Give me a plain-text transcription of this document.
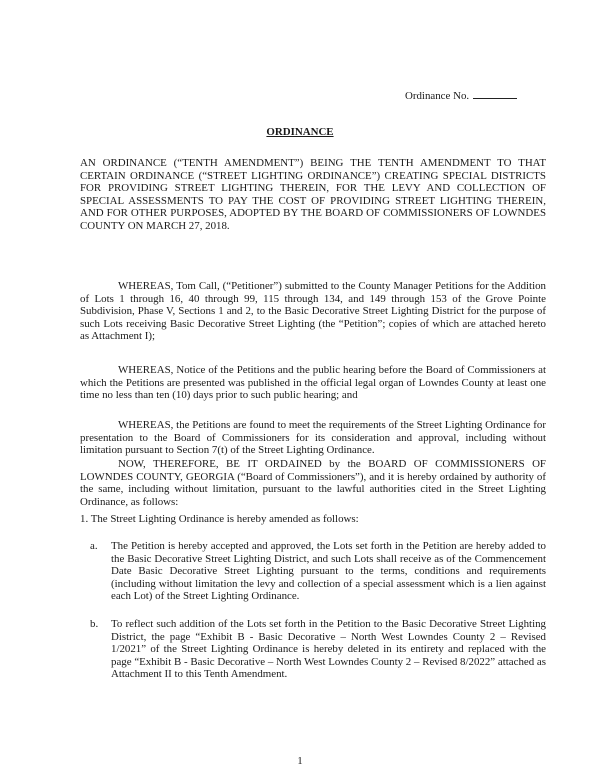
Ordinance No.
ORDINANCE
AN ORDINANCE (“TENTH AMENDMENT”) BEING THE TENTH AMENDMENT TO THAT CERTAIN ORDINANCE (“STREET LIGHTING ORDINANCE”) CREATING SPECIAL DISTRICTS FOR PROVIDING STREET LIGHTING THEREIN, FOR THE LEVY AND COLLECTION OF SPECIAL ASSESSMENTS TO PAY THE COST OF PROVIDING STREET LIGHTING THEREIN, AND FOR OTHER PURPOSES, ADOPTED BY THE BOARD OF COMMISSIONERS OF LOWNDES COUNTY ON MARCH 27, 2018.
WHEREAS, Tom Call, (“Petitioner”) submitted to the County Manager Petitions for the Addition of Lots 1 through 16, 40 through 99, 115 through 134, and 149 through 153 of the Grove Pointe Subdivision, Phase V, Sections 1 and 2, to the Basic Decorative Street Lighting District for the purpose of such Lots receiving Basic Decorative Street Lighting (the “Petition”; copies of which are attached hereto as Attachment I);
WHEREAS, Notice of the Petitions and the public hearing before the Board of Commissioners at which the Petitions are presented was published in the official legal organ of Lowndes County at least one time no less than ten (10) days prior to such public hearing; and
WHEREAS, the Petitions are found to meet the requirements of the Street Lighting Ordinance for presentation to the Board of Commissioners for its consideration and approval, including without limitation pursuant to Section 7(t) of the Street Lighting Ordinance.
NOW, THEREFORE, BE IT ORDAINED by the BOARD OF COMMISSIONERS OF LOWNDES COUNTY, GEORGIA (“Board of Commissioners”), and it is hereby ordained by authority of the same, including without limitation, pursuant to the lawful authorities cited in the Street Lighting Ordinance, as follows:
1. The Street Lighting Ordinance is hereby amended as follows:
a. The Petition is hereby accepted and approved, the Lots set forth in the Petition are hereby added to the Basic Decorative Street Lighting District, and such Lots shall receive as of the Commencement Date Basic Decorative Street Lighting pursuant to the terms, conditions and requirements (including without limitation the levy and collection of a special assessment which is a lien against each Lot) of the Street Lighting Ordinance.
b. To reflect such addition of the Lots set forth in the Petition to the Basic Decorative Street Lighting District, the page “Exhibit B - Basic Decorative – North West Lowndes County 2 – Revised 1/2021” of the Street Lighting Ordinance is hereby deleted in its entirety and replaced with the page “Exhibit B - Basic Decorative – North West Lowndes County 2 – Revised 8/2022” attached as Attachment II to this Tenth Amendment.
1
